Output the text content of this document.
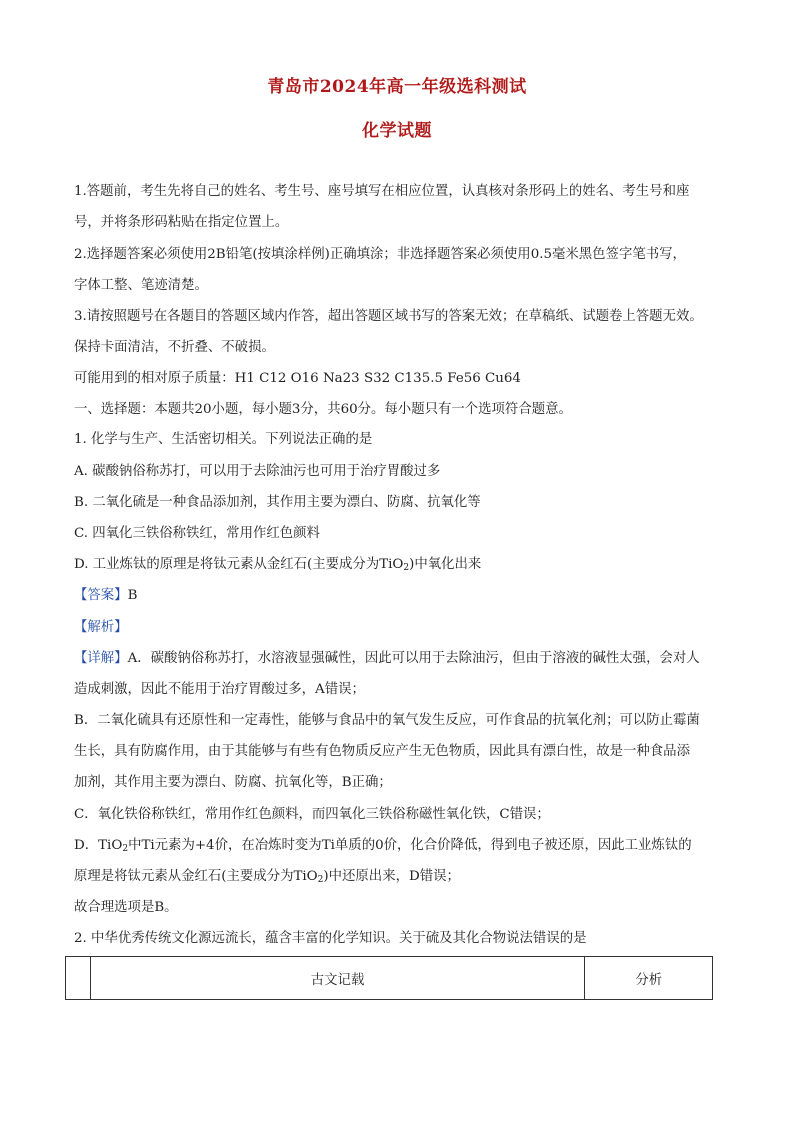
青岛市2024年高一年级选科测试
化学试题
1.答题前，考生先将自己的姓名、考生号、座号填写在相应位置，认真核对条形码上的姓名、考生号和座
号，并将条形码粘贴在指定位置上。
2.选择题答案必须使用2B铅笔(按填涂样例)正确填涂；非选择题答案必须使用0.5毫米黑色签字笔书写，
字体工整、笔迹清楚。
3.请按照题号在各题目的答题区域内作答，超出答题区域书写的答案无效；在草稿纸、试题卷上答题无效。
保持卡面清洁，不折叠、不破损。
可能用到的相对原子质量：H1 C12 O16 Na23 S32 C135.5 Fe56 Cu64
一、选择题：本题共20小题，每小题3分，共60分。每小题只有一个选项符合题意。
1. 化学与生产、生活密切相关。下列说法正确的是
A. 碳酸钠俗称苏打，可以用于去除油污也可用于治疗胃酸过多
B. 二氧化硫是一种食品添加剂，其作用主要为漂白、防腐、抗氧化等
C. 四氧化三铁俗称铁红，常用作红色颜料
D. 工业炼钛的原理是将钛元素从金红石(主要成分为TiO$_2$)中氧化出来
【答案】B
【解析】
【详解】A．碳酸钠俗称苏打，水溶液显强碱性，因此可以用于去除油污，但由于溶液的碱性太强，会对人
造成刺激，因此不能用于治疗胃酸过多，A错误；
B．二氧化硫具有还原性和一定毒性，能够与食品中的氧气发生反应，可作食品的抗氧化剂；可以防止霉菌
生长，具有防腐作用，由于其能够与有些有色物质反应产生无色物质，因此具有漂白性，故是一种食品添
加剂，其作用主要为漂白、防腐、抗氧化等，B正确；
C．氧化铁俗称铁红，常用作红色颜料，而四氧化三铁俗称磁性氧化铁，C错误；
D．TiO$_2$中Ti元素为+4价，在冶炼时变为Ti单质的0价，化合价降低，得到电子被还原，因此工业炼钛的
原理是将钛元素从金红石(主要成分为TiO$_2$)中还原出来，D错误；
故合理选项是B。
2. 中华优秀传统文化源远流长，蕴含丰富的化学知识。关于硫及其化合物说法错误的是
	古文记载	分析
